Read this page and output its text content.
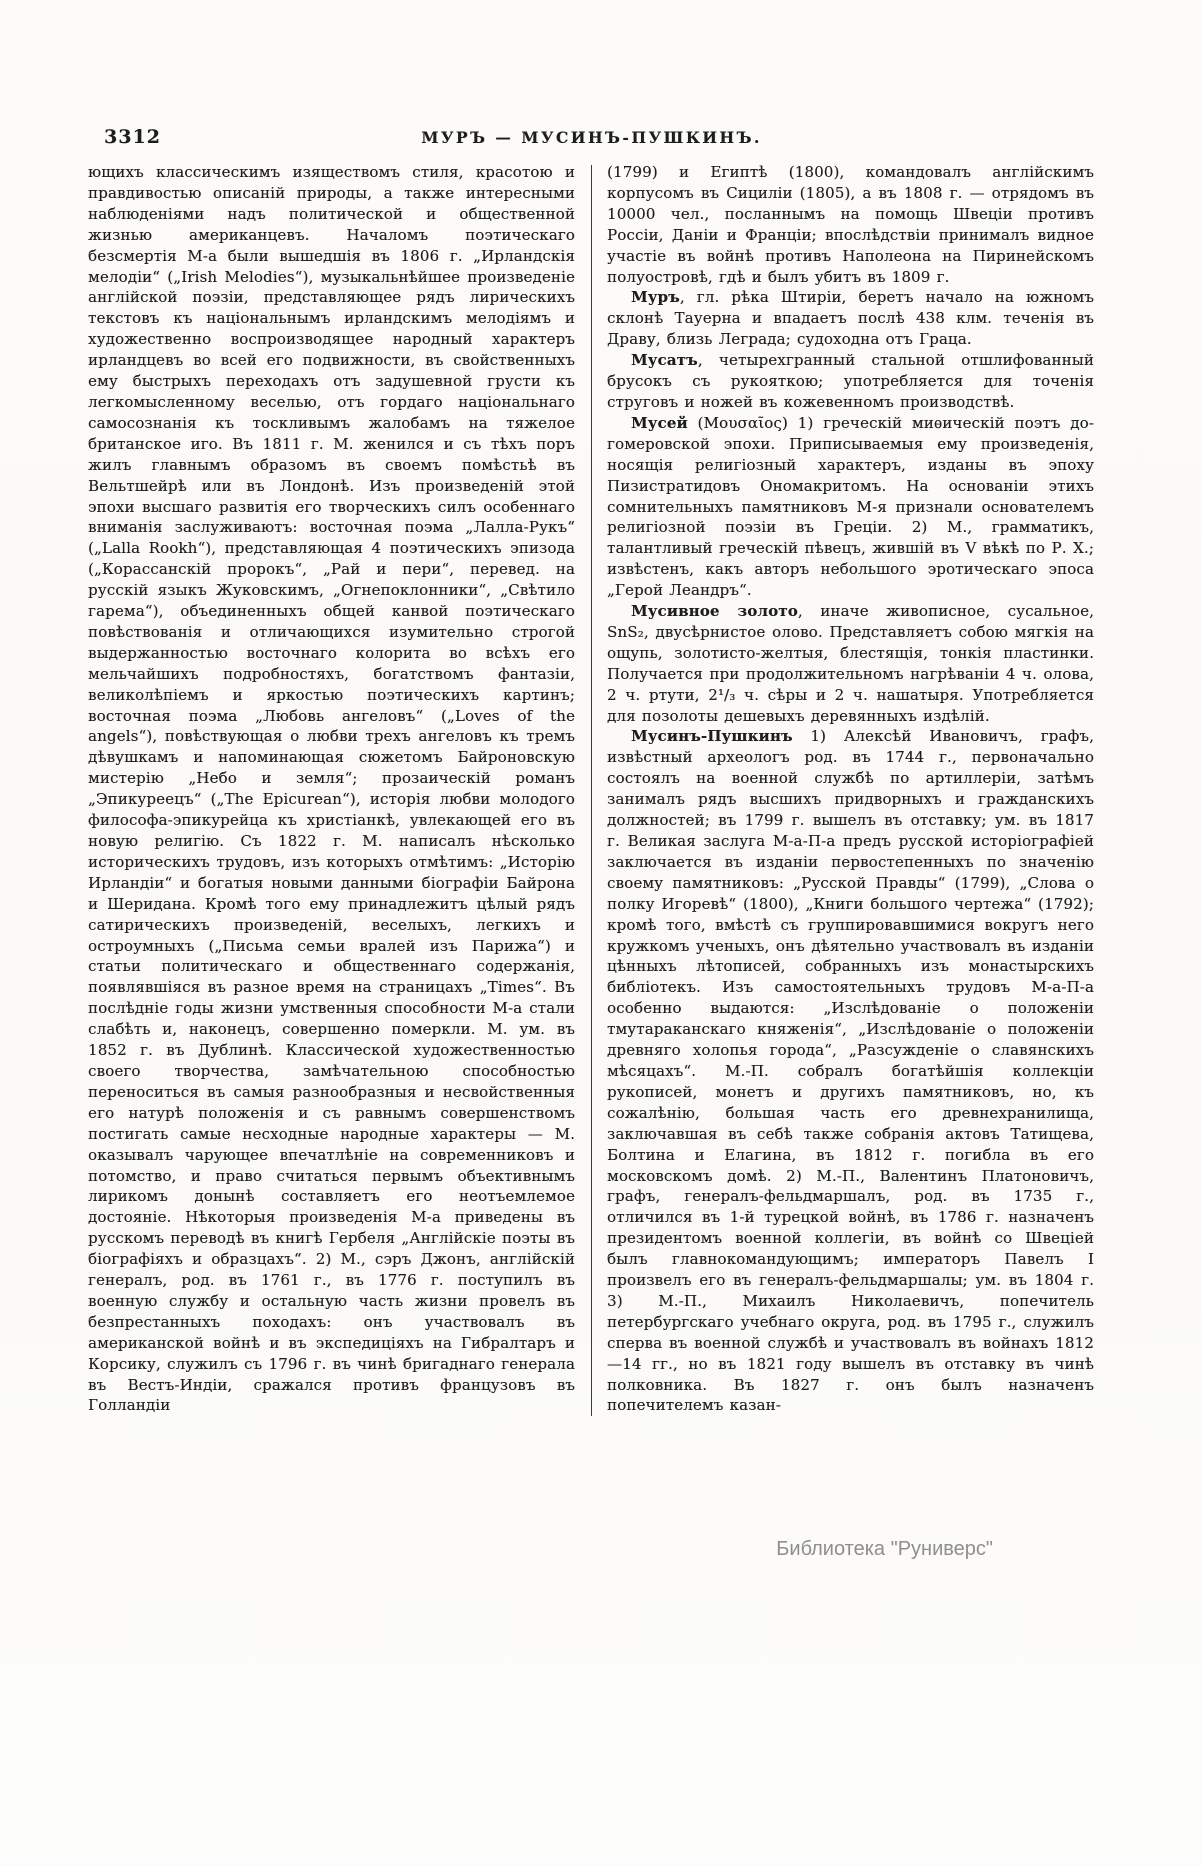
3312	МУРЪ — МУСИНЪ-ПУШКИНЪ.

ющихъ классическимъ изяществомъ стиля, красотою и правдивостью описаній природы, а также интересными наблюденіями надъ политической и общественной жизнью американцевъ. Началомъ поэтическаго безсмертія М-а были вышедшія въ 1806 г. „Ирландскія мелодіи“ („Irish Melodies“), музыкальнѣйшее произведеніе англійской поэзіи, представляющее рядъ лирическихъ текстовъ къ національнымъ ирландскимъ мелодіямъ и художественно воспроизводящее народный характеръ ирландцевъ во всей его подвижности, въ свойственныхъ ему быстрыхъ переходахъ отъ задушевной грусти къ легкомысленному веселью, отъ гордаго національнаго самосознанія къ тоскливымъ жалобамъ на тяжелое британское иго. Въ 1811 г. М. женился и съ тѣхъ поръ жилъ главнымъ образомъ въ своемъ помѣстьѣ въ Вельтшейрѣ или въ Лондонѣ. Изъ произведеній этой эпохи высшаго развитія его творческихъ силъ особеннаго вниманія заслуживаютъ: восточная поэма „Лалла-Рукъ“ („Lalla Rookh“), представляющая 4 поэтическихъ эпизода („Корассанскій пророкъ“, „Рай и пери“, перевед. на русскій языкъ Жуковскимъ, „Огнепоклонники“, „Свѣтило гарема“), объединенныхъ общей канвой поэтическаго повѣствованія и отличающихся изумительно строгой выдержанностью восточнаго колорита во всѣхъ его мельчайшихъ подробностяхъ, богатствомъ фантазіи, великолѣпіемъ и яркостью поэтическихъ картинъ; восточная поэма „Любовь ангеловъ“ („Loves of the angels“), повѣствующая о любви трехъ ангеловъ къ тремъ дѣвушкамъ и напоминающая сюжетомъ Байроновскую мистерію „Небо и земля“; прозаическій романъ „Эпикуреецъ“ („The Epicurean“), исторія любви молодого философа-эпикурейца къ христіанкѣ, увлекающей его въ новую религію. Съ 1822 г. М. написалъ нѣсколько историческихъ трудовъ, изъ которыхъ отмѣтимъ: „Исторію Ирландіи“ и богатыя новыми данными біографіи Байрона и Шеридана. Кромѣ того ему принадлежитъ цѣлый рядъ сатирическихъ произведеній, веселыхъ, легкихъ и остроумныхъ („Письма семьи вралей изъ Парижа“) и статьи политическаго и общественнаго содержанія, появлявшіяся въ разное время на страницахъ „Times“. Въ послѣдніе годы жизни умственныя способности М-а стали слабѣть и, наконецъ, совершенно померкли. М. ум. въ 1852 г. въ Дублинѣ. Классической художественностью своего творчества, замѣчательною способностью переноситься въ самыя разнообразныя и несвойственныя его натурѣ положенія и съ равнымъ совершенствомъ постигать самые несходные народные характеры — М. оказывалъ чарующее впечатлѣніе на современниковъ и потомство, и право считаться первымъ объективнымъ лирикомъ донынѣ составляетъ его неотъемлемое достояніе. Нѣкоторыя произведенія М-а приведены въ русскомъ переводѣ въ книгѣ Гербеля „Англійскіе поэты въ біографіяхъ и образцахъ“. 2) М., сэръ Джонъ, англійскій генералъ, род. въ 1761 г., въ 1776 г. поступилъ въ военную службу и остальную часть жизни провелъ въ безпрестанныхъ походахъ: онъ участвовалъ въ американской войнѣ и въ экспедиціяхъ на Гибралтаръ и Корсику, служилъ съ 1796 г. въ чинѣ бригаднаго генерала въ Вестъ-Индіи, сражался противъ французовъ въ Голландіи

(1799) и Египтѣ (1800), командовалъ англійскимъ корпусомъ въ Сициліи (1805), а въ 1808 г. — отрядомъ въ 10000 чел., посланнымъ на помощь Швеціи противъ Россіи, Даніи и Франціи; впослѣдствіи принималъ видное участіе въ войнѣ противъ Наполеона на Пиринейскомъ полуостровѣ, гдѣ и былъ убитъ въ 1809 г.

Муръ, гл. рѣка Штиріи, беретъ начало на южномъ склонѣ Тауерна и впадаетъ послѣ 438 клм. теченія въ Драву, близь Леграда; судоходна отъ Граца.

Мусатъ, четырехгранный стальной отшлифованный брусокъ съ рукояткою; употребляется для точенія струговъ и ножей въ кожевенномъ производствѣ.

Мусей (Μουσαῖος) 1) греческій миѳическій поэтъ до-гомеровской эпохи. Приписываемыя ему произведенія, носящія религіозный характеръ, изданы въ эпоху Пизистратидовъ Ономакритомъ. На основаніи этихъ сомнительныхъ памятниковъ М-я признали основателемъ религіозной поэзіи въ Греціи. 2) М., грамматикъ, талантливый греческій пѣвецъ, жившій въ V вѣкѣ по Р. Х.; извѣстенъ, какъ авторъ небольшого эротическаго эпоса „Герой Леандръ“.

Мусивное золото, иначе живописное, сусальное, SnS₂, двусѣрнистое олово. Представляетъ собою мягкія на ощупь, золотисто-желтыя, блестящія, тонкія пластинки. Получается при продолжительномъ нагрѣваніи 4 ч. олова, 2 ч. ртути, 2¹/₃ ч. сѣры и 2 ч. нашатыря. Употребляется для позолоты дешевыхъ деревянныхъ издѣлій.

Мусинъ-Пушкинъ 1) Алексѣй Ивановичъ, графъ, извѣстный археологъ род. въ 1744 г., первоначально состоялъ на военной службѣ по артиллеріи, затѣмъ занималъ рядъ высшихъ придворныхъ и гражданскихъ должностей; въ 1799 г. вышелъ въ отставку; ум. въ 1817 г. Великая заслуга М-а-П-а предъ русской исторіографіей заключается въ изданіи первостепенныхъ по значенію своему памятниковъ: „Русской Правды“ (1799), „Слова о полку Игоревѣ“ (1800), „Книги большого чертежа“ (1792); кромѣ того, вмѣстѣ съ группировавшимися вокругъ него кружкомъ ученыхъ, онъ дѣятельно участвовалъ въ изданіи цѣнныхъ лѣтописей, собранныхъ изъ монастырскихъ библіотекъ. Изъ самостоятельныхъ трудовъ М-а-П-а особенно выдаются: „Изслѣдованіе о положеніи тмутараканскаго княженія“, „Изслѣдованіе о положеніи древняго холопья города“, „Разсужденіе о славянскихъ мѣсяцахъ“. М.-П. собралъ богатѣйшія коллекціи рукописей, монетъ и другихъ памятниковъ, но, къ сожалѣнію, большая часть его древнехранилища, заключавшая въ себѣ также собранія актовъ Татищева, Болтина и Елагина, въ 1812 г. погибла въ его московскомъ домѣ. 2) М.-П., Валентинъ Платоновичъ, графъ, генералъ-фельдмаршалъ, род. въ 1735 г., отличился въ 1-й турецкой войнѣ, въ 1786 г. назначенъ президентомъ военной коллегіи, въ войнѣ со Швеціей былъ главнокомандующимъ; императоръ Павелъ I произвелъ его въ генералъ-фельдмаршалы; ум. въ 1804 г. 3) М.-П., Михаилъ Николаевичъ, попечитель петербургскаго учебнаго округа, род. въ 1795 г., служилъ сперва въ военной службѣ и участвовалъ въ войнахъ 1812—14 гг., но въ 1821 году вышелъ въ отставку въ чинѣ полковника. Въ 1827 г. онъ былъ назначенъ попечителемъ казан-

Библиотека "Руниверс"
